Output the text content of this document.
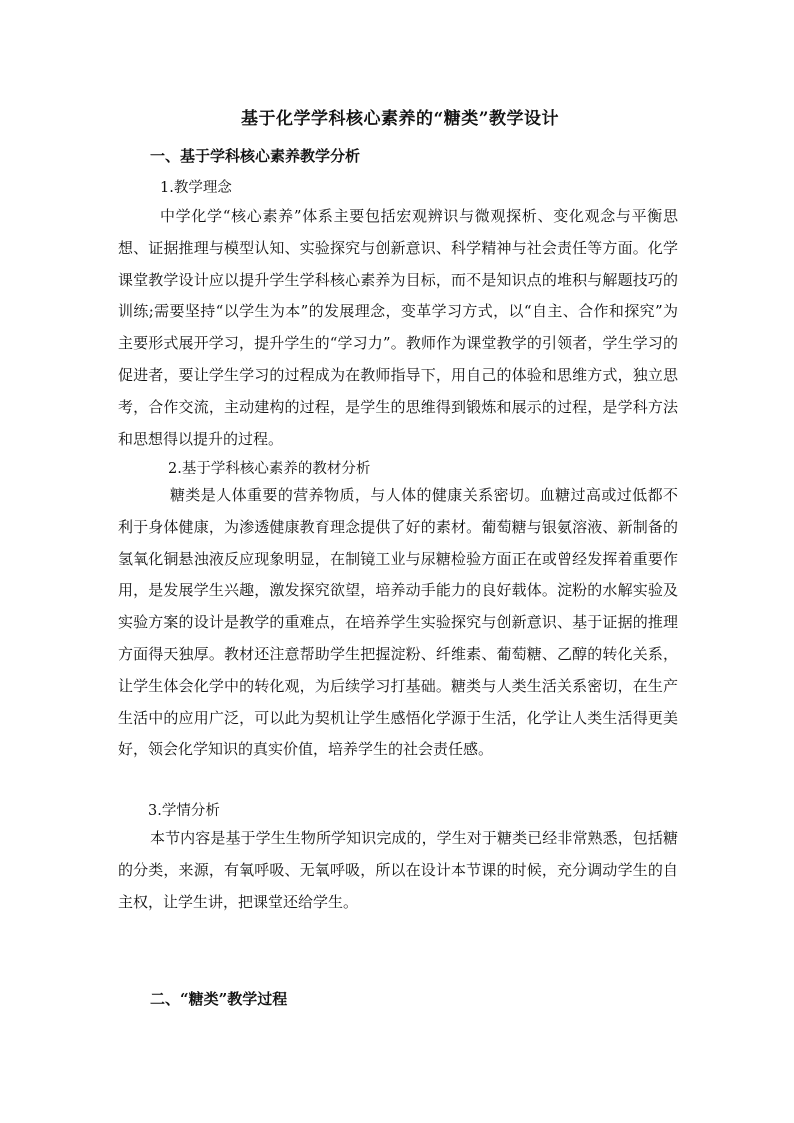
基于化学学科核心素养的“糖类”教学设计
一、基于学科核心素养教学分析
1.教学理念
中学化学“核心素养”体系主要包括宏观辨识与微观探析、变化观念与平衡思想、证据推理与模型认知、实验探究与创新意识、科学精神与社会责任等方面。化学课堂教学设计应以提升学生学科核心素养为目标，而不是知识点的堆积与解题技巧的训练;需要坚持“以学生为本”的发展理念，变革学习方式，以“自主、合作和探究”为主要形式展开学习，提升学生的“学习力”。教师作为课堂教学的引领者，学生学习的促进者，要让学生学习的过程成为在教师指导下，用自己的体验和思维方式，独立思考，合作交流，主动建构的过程，是学生的思维得到锻炼和展示的过程，是学科方法和思想得以提升的过程。
2.基于学科核心素养的教材分析
糖类是人体重要的营养物质，与人体的健康关系密切。血糖过高或过低都不利于身体健康，为渗透健康教育理念提供了好的素材。葡萄糖与银氨溶液、新制备的氢氧化铜悬浊液反应现象明显，在制镜工业与尿糖检验方面正在或曾经发挥着重要作用，是发展学生兴趣，激发探究欲望，培养动手能力的良好载体。淀粉的水解实验及实验方案的设计是教学的重难点，在培养学生实验探究与创新意识、基于证据的推理方面得天独厚。教材还注意帮助学生把握淀粉、纤维素、葡萄糖、乙醇的转化关系，让学生体会化学中的转化观，为后续学习打基础。糖类与人类生活关系密切，在生产生活中的应用广泛，可以此为契机让学生感悟化学源于生活，化学让人类生活得更美好，领会化学知识的真实价值，培养学生的社会责任感。
3.学情分析
本节内容是基于学生生物所学知识完成的，学生对于糖类已经非常熟悉，包括糖的分类，来源，有氧呼吸、无氧呼吸，所以在设计本节课的时候，充分调动学生的自主权，让学生讲，把课堂还给学生。
二、“糖类”教学过程
